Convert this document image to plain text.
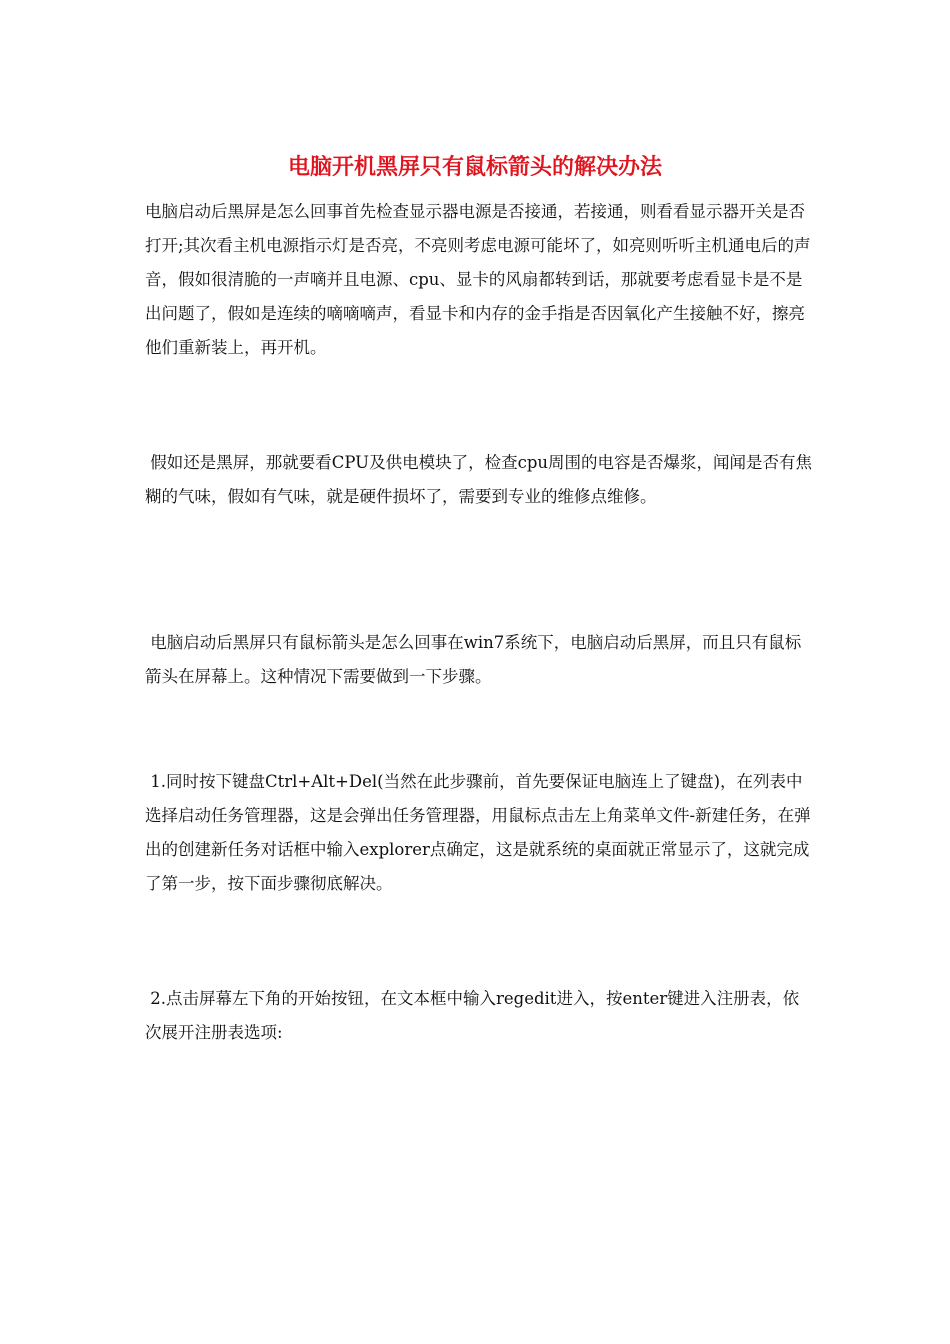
电脑开机黑屏只有鼠标箭头的解决办法

电脑启动后黑屏是怎么回事首先检查显示器电源是否接通，若接通，则看看显示器开关是否打开;其次看主机电源指示灯是否亮，不亮则考虑电源可能坏了，如亮则听听主机通电后的声音，假如很清脆的一声嘀并且电源、cpu、显卡的风扇都转到话，那就要考虑看显卡是不是出问题了，假如是连续的嘀嘀嘀声，看显卡和内存的金手指是否因氧化产生接触不好，擦亮他们重新装上，再开机。

假如还是黑屏，那就要看CPU及供电模块了，检查cpu周围的电容是否爆浆，闻闻是否有焦糊的气味，假如有气味，就是硬件损坏了，需要到专业的维修点维修。

电脑启动后黑屏只有鼠标箭头是怎么回事在win7系统下，电脑启动后黑屏，而且只有鼠标箭头在屏幕上。这种情况下需要做到一下步骤。

1.同时按下键盘Ctrl+Alt+Del(当然在此步骤前，首先要保证电脑连上了键盘)，在列表中选择启动任务管理器，这是会弹出任务管理器，用鼠标点击左上角菜单文件-新建任务，在弹出的创建新任务对话框中输入explorer点确定，这是就系统的桌面就正常显示了，这就完成了第一步，按下面步骤彻底解决。

2.点击屏幕左下角的开始按钮，在文本框中输入regedit进入，按enter键进入注册表，依次展开注册表选项:
